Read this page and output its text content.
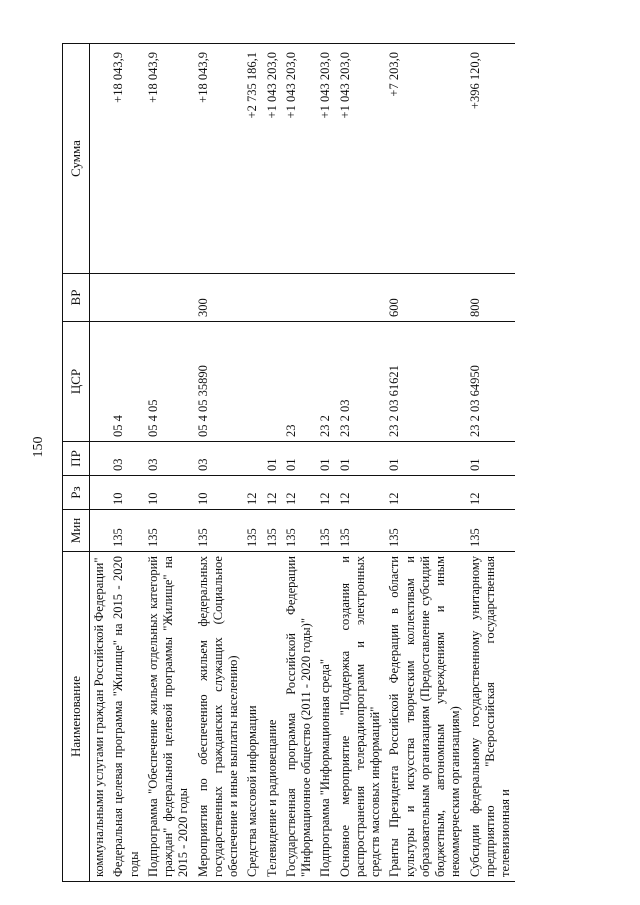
150
Наименование	Мин	Рз	ПР	ЦСР	ВР	Сумма
коммунальными услугами граждан Российской Федерации"						
Федеральная целевая программа "Жилище" на 2015 - 2020 годы	135	10	03	05 4		+18 043,9
Подпрограмма "Обеспечение жильем отдельных категорий граждан" федеральной целевой программы "Жилище" на 2015 - 2020 годы	135	10	03	05 4 05		+18 043,9
Мероприятия по обеспечению жильем федеральных государственных гражданских служащих (Социальное обеспечение и иные выплаты населению)	135	10	03	05 4 05 35890	300	+18 043,9
Средства массовой информации	135	12				+2 735 186,1
Телевидение и радиовещание	135	12	01			+1 043 203,0
Государственная программа Российской Федерации "Информационное общество (2011 - 2020 годы)"	135	12	01	23		+1 043 203,0
Подпрограмма "Информационная среда"	135	12	01	23 2		+1 043 203,0
Основное мероприятие "Поддержка создания и распространения телерадиопрограмм и электронных средств массовых информаций"	135	12	01	23 2 03		+1 043 203,0
Гранты Президента Российской Федерации в области культуры и искусства творческим коллективам и образовательным организациям (Предоставление субсидий бюджетным, автономным учреждениям и иным некоммерческим организациям)	135	12	01	23 2 03 61621	600	+7 203,0
Субсидии федеральному государственному унитарному предприятию "Всероссийская государственная телевизионная и	135	12	01	23 2 03 64950	800	+396 120,0
